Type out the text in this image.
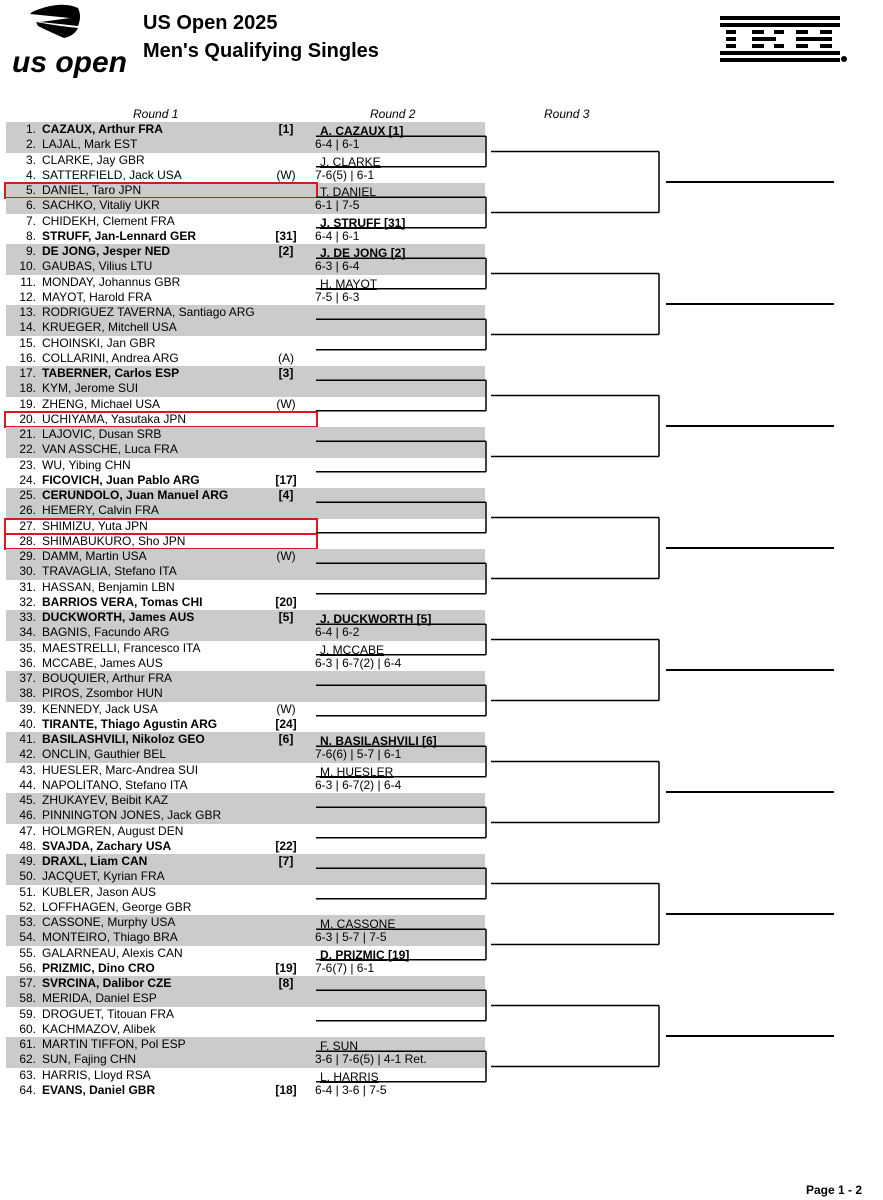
us open
US Open 2025
Men's Qualifying Singles
Round 1	Round 2	Round 3
1. CAZAUX, Arthur FRA	[1]
2. LAJAL, Mark EST
3. CLARKE, Jay GBR
4. SATTERFIELD, Jack USA	(W)
5. DANIEL, Taro JPN
6. SACHKO, Vitaliy UKR
7. CHIDEKH, Clement FRA
8. STRUFF, Jan-Lennard GER	[31]
9. DE JONG, Jesper NED	[2]
10. GAUBAS, Vilius LTU
11. MONDAY, Johannus GBR
12. MAYOT, Harold FRA
13. RODRIGUEZ TAVERNA, Santiago ARG
14. KRUEGER, Mitchell USA
15. CHOINSKI, Jan GBR
16. COLLARINI, Andrea ARG	(A)
17. TABERNER, Carlos ESP	[3]
18. KYM, Jerome SUI
19. ZHENG, Michael USA	(W)
20. UCHIYAMA, Yasutaka JPN
21. LAJOVIC, Dusan SRB
22. VAN ASSCHE, Luca FRA
23. WU, Yibing CHN
24. FICOVICH, Juan Pablo ARG	[17]
25. CERUNDOLO, Juan Manuel ARG	[4]
26. HEMERY, Calvin FRA
27. SHIMIZU, Yuta JPN
28. SHIMABUKURO, Sho JPN
29. DAMM, Martin USA	(W)
30. TRAVAGLIA, Stefano ITA
31. HASSAN, Benjamin LBN
32. BARRIOS VERA, Tomas CHI	[20]
33. DUCKWORTH, James AUS	[5]
34. BAGNIS, Facundo ARG
35. MAESTRELLI, Francesco ITA
36. MCCABE, James AUS
37. BOUQUIER, Arthur FRA
38. PIROS, Zsombor HUN
39. KENNEDY, Jack USA	(W)
40. TIRANTE, Thiago Agustin ARG	[24]
41. BASILASHVILI, Nikoloz GEO	[6]
42. ONCLIN, Gauthier BEL
43. HUESLER, Marc-Andrea SUI
44. NAPOLITANO, Stefano ITA
45. ZHUKAYEV, Beibit KAZ
46. PINNINGTON JONES, Jack GBR
47. HOLMGREN, August DEN
48. SVAJDA, Zachary USA	[22]
49. DRAXL, Liam CAN	[7]
50. JACQUET, Kyrian FRA
51. KUBLER, Jason AUS
52. LOFFHAGEN, George GBR
53. CASSONE, Murphy USA
54. MONTEIRO, Thiago BRA
55. GALARNEAU, Alexis CAN
56. PRIZMIC, Dino CRO	[19]
57. SVRCINA, Dalibor CZE	[8]
58. MERIDA, Daniel ESP
59. DROGUET, Titouan FRA
60. KACHMAZOV, Alibek
61. MARTIN TIFFON, Pol ESP
62. SUN, Fajing CHN
63. HARRIS, Lloyd RSA
64. EVANS, Daniel GBR	[18]
A. CAZAUX [1]
6-4 | 6-1
J. CLARKE
7-6(5) | 6-1
T. DANIEL
6-1 | 7-5
J. STRUFF [31]
6-4 | 6-1
J. DE JONG [2]
6-3 | 6-4
H. MAYOT
7-5 | 6-3
J. DUCKWORTH [5]
6-4 | 6-2
J. MCCABE
6-3 | 6-7(2) | 6-4
N. BASILASHVILI [6]
7-6(6) | 5-7 | 6-1
M. HUESLER
6-3 | 6-7(2) | 6-4
M. CASSONE
6-3 | 5-7 | 7-5
D. PRIZMIC [19]
7-6(7) | 6-1
F. SUN
3-6 | 7-6(5) | 4-1 Ret.
L. HARRIS
6-4 | 3-6 | 7-5
Page 1 - 2
